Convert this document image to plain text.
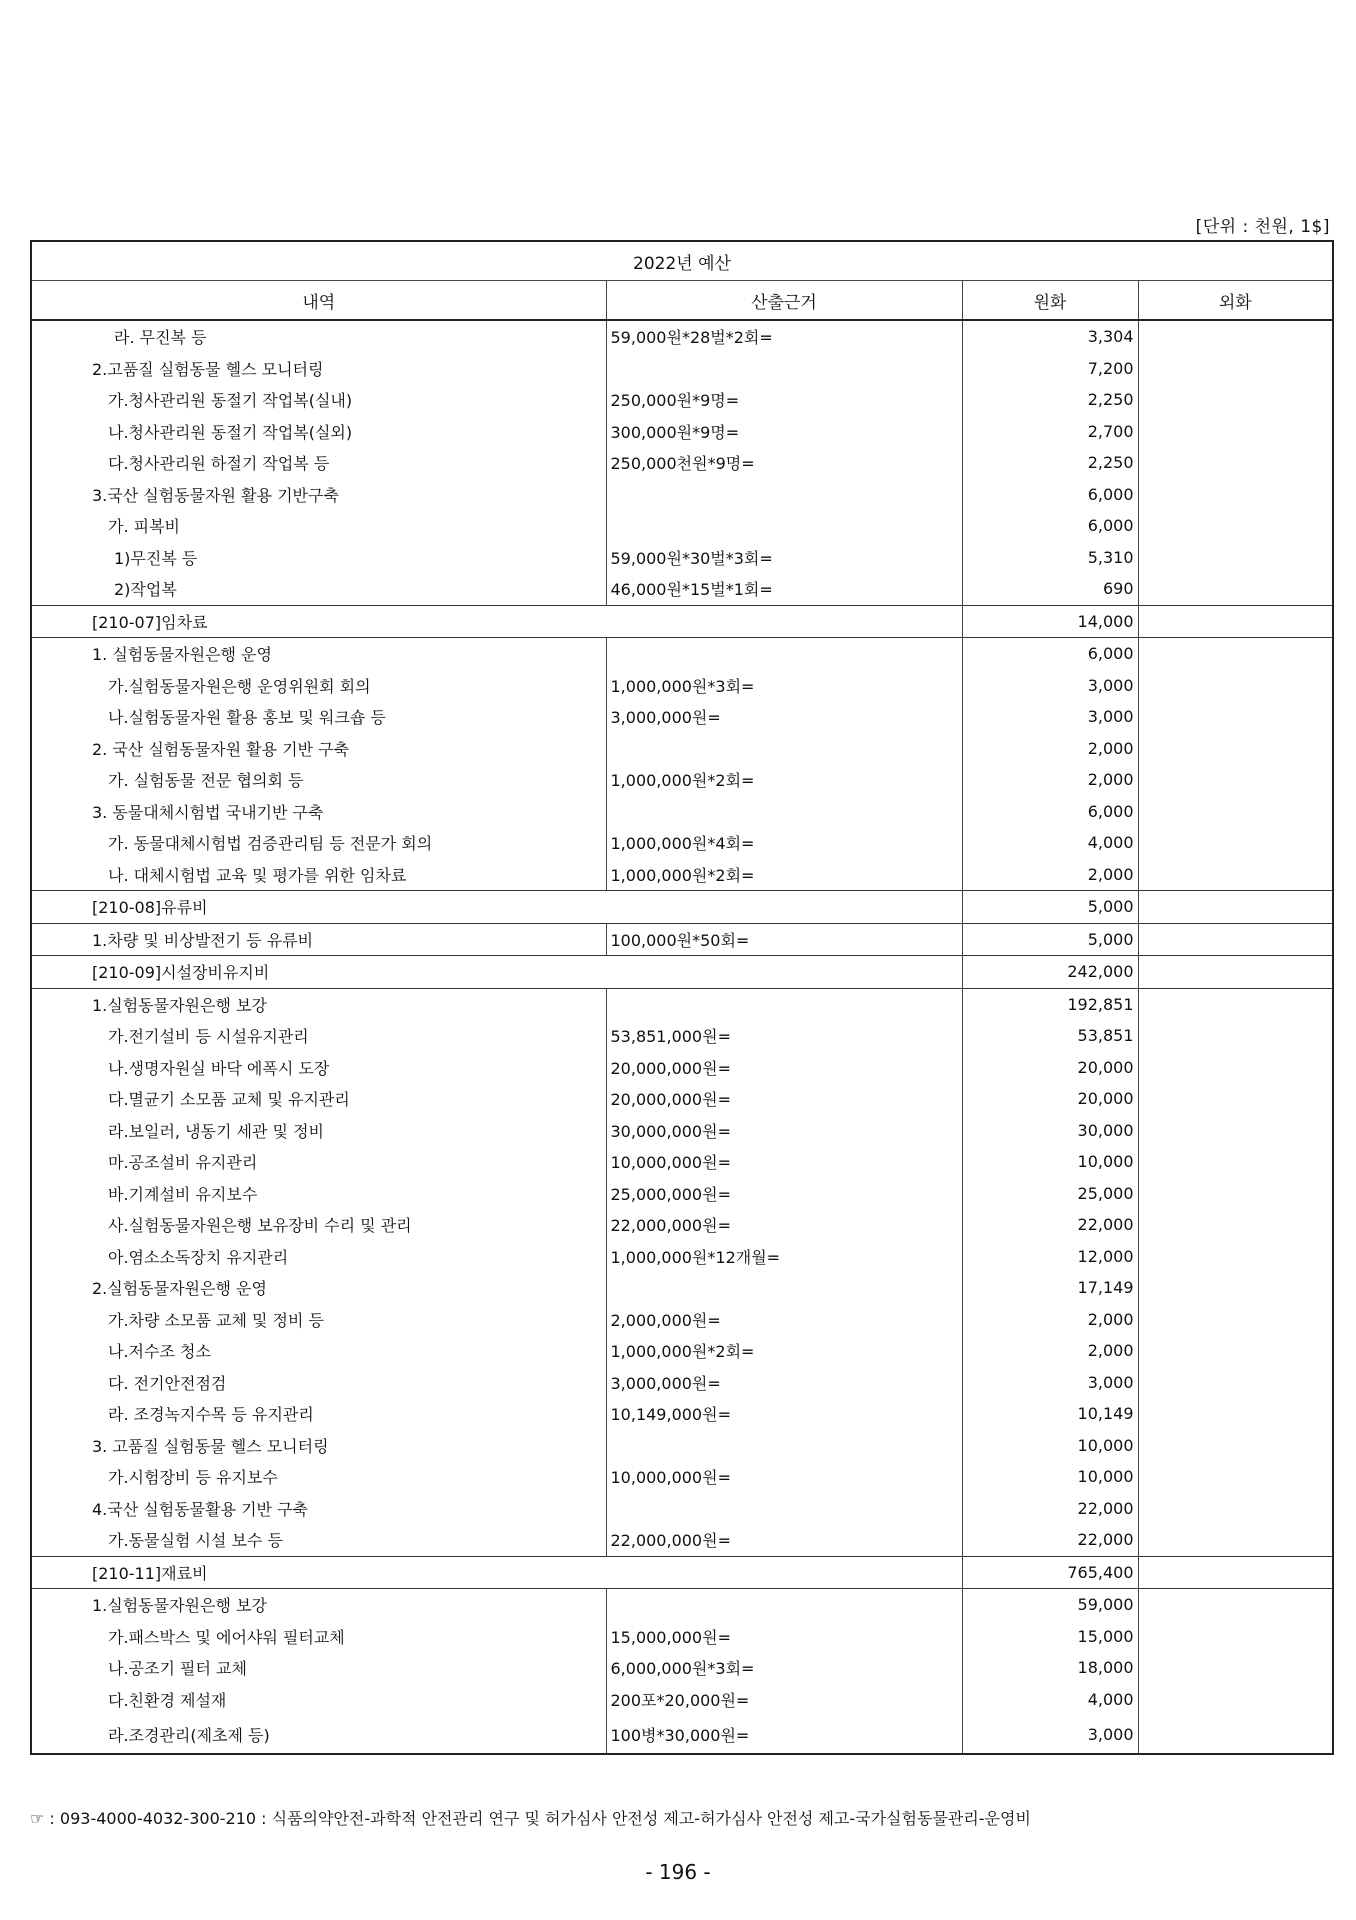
[단위 : 천원, 1$]
2022년 예산			
내역	산출근거	원화	외화
라. 무진복 등	59,000원*28벌*2회=	3,304	
2.고품질 실험동물 헬스 모니터링		7,200	
가.청사관리원 동절기 작업복(실내)	250,000원*9명=	2,250	
나.청사관리원 동절기 작업복(실외)	300,000원*9명=	2,700	
다.청사관리원 하절기 작업복 등	250,000천원*9명=	2,250	
3.국산 실험동물자원 활용 기반구축		6,000	
가. 피복비		6,000	
1)무진복 등	59,000원*30벌*3회=	5,310	
2)작업복	46,000원*15벌*1회=	690	
[210-07]임차료		14,000	
1. 실험동물자원은행 운영		6,000	
가.실험동물자원은행 운영위원회 회의	1,000,000원*3회=	3,000	
나.실험동물자원 활용 홍보 및 워크숍 등	3,000,000원=	3,000	
2. 국산 실험동물자원 활용 기반 구축		2,000	
가. 실험동물 전문 협의회 등	1,000,000원*2회=	2,000	
3. 동물대체시험법 국내기반 구축		6,000	
가. 동물대체시험법 검증관리팀 등 전문가 회의	1,000,000원*4회=	4,000	
나. 대체시험법 교육 및 평가를 위한 임차료	1,000,000원*2회=	2,000	
[210-08]유류비		5,000	
1.차량 및 비상발전기 등 유류비	100,000원*50회=	5,000	
[210-09]시설장비유지비		242,000	
1.실험동물자원은행 보강		192,851	
가.전기설비 등 시설유지관리	53,851,000원=	53,851	
나.생명자원실 바닥 에폭시 도장	20,000,000원=	20,000	
다.멸균기 소모품 교체 및 유지관리	20,000,000원=	20,000	
라.보일러, 냉동기 세관 및 정비	30,000,000원=	30,000	
마.공조설비 유지관리	10,000,000원=	10,000	
바.기계설비 유지보수	25,000,000원=	25,000	
사.실험동물자원은행 보유장비 수리 및 관리	22,000,000원=	22,000	
아.염소소독장치 유지관리	1,000,000원*12개월=	12,000	
2.실험동물자원은행 운영		17,149	
가.차량 소모품 교체 및 정비 등	2,000,000원=	2,000	
나.저수조 청소	1,000,000원*2회=	2,000	
다. 전기안전점검	3,000,000원=	3,000	
라. 조경녹지수목 등 유지관리	10,149,000원=	10,149	
3. 고품질 실험동물 헬스 모니터링		10,000	
가.시험장비 등 유지보수	10,000,000원=	10,000	
4.국산 실험동물활용 기반 구축		22,000	
가.동물실험 시설 보수 등	22,000,000원=	22,000	
[210-11]재료비		765,400	
1.실험동물자원은행 보강		59,000	
가.패스박스 및 에어샤워 필터교체	15,000,000원=	15,000	
나.공조기 필터 교체	6,000,000원*3회=	18,000	
다.친환경 제설재	200포*20,000원=	4,000	
라.조경관리(제초제 등)	100병*30,000원=	3,000	
☞ : 093-4000-4032-300-210 : 식품의약안전-과학적 안전관리 연구 및 허가심사 안전성 제고-허가심사 안전성 제고-국가실험동물관리-운영비
- 196 -
